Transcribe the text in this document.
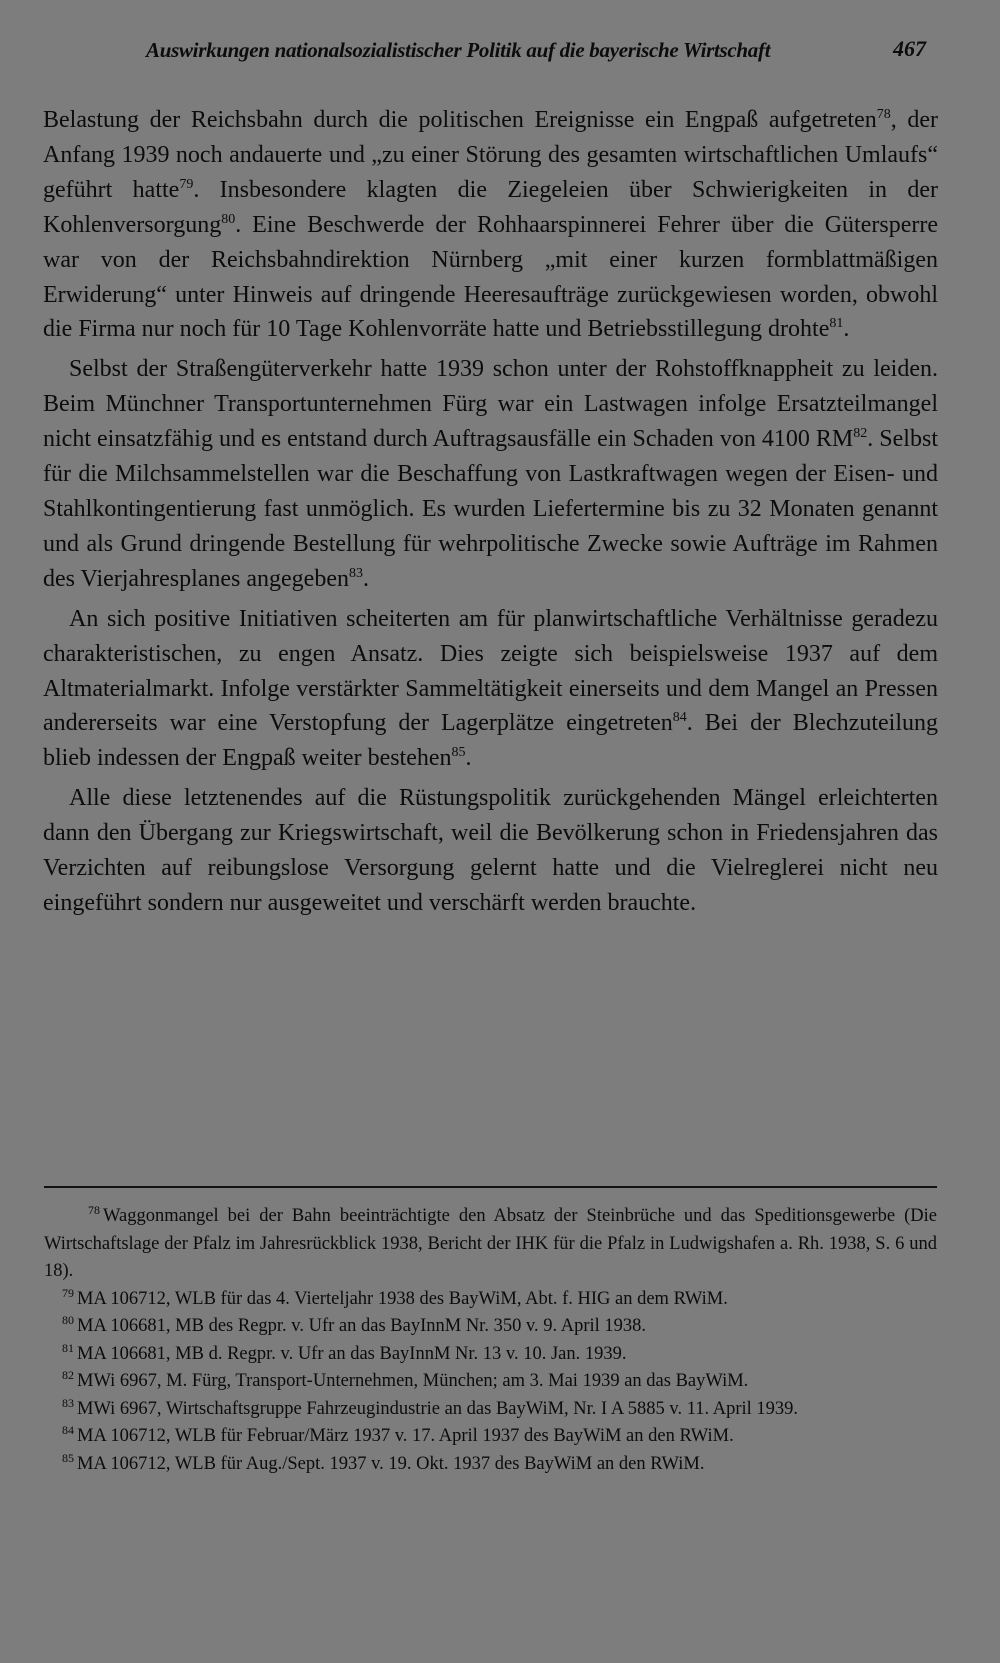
Auswirkungen nationalsozialistischer Politik auf die bayerische Wirtschaft	467

Belastung der Reichsbahn durch die politischen Ereignisse ein Engpaß aufgetreten$^{78}$, der Anfang 1939 noch andauerte und „zu einer Störung des gesamten wirtschaftlichen Umlaufs“ geführt hatte$^{79}$. Insbesondere klagten die Ziegeleien über Schwierigkeiten in der Kohlenversorgung$^{80}$. Eine Beschwerde der Rohhaarspinnerei Fehrer über die Gütersperre war von der Reichsbahndirektion Nürnberg „mit einer kurzen formblattmäßigen Erwiderung“ unter Hinweis auf dringende Heeresaufträge zurückgewiesen worden, obwohl die Firma nur noch für 10 Tage Kohlenvorräte hatte und Betriebsstillegung drohte$^{81}$.

Selbst der Straßengüterverkehr hatte 1939 schon unter der Rohstoffknappheit zu leiden. Beim Münchner Transportunternehmen Fürg war ein Lastwagen infolge Ersatzteilmangel nicht einsatzfähig und es entstand durch Auftragsausfälle ein Schaden von 4100 RM$^{82}$. Selbst für die Milchsammelstellen war die Beschaffung von Lastkraftwagen wegen der Eisen- und Stahlkontingentierung fast unmöglich. Es wurden Liefertermine bis zu 32 Monaten genannt und als Grund dringende Bestellung für wehrpolitische Zwecke sowie Aufträge im Rahmen des Vierjahresplanes angegeben$^{83}$.

An sich positive Initiativen scheiterten am für planwirtschaftliche Verhältnisse geradezu charakteristischen, zu engen Ansatz. Dies zeigte sich beispielsweise 1937 auf dem Altmaterialmarkt. Infolge verstärkter Sammeltätigkeit einerseits und dem Mangel an Pressen andererseits war eine Verstopfung der Lagerplätze eingetreten$^{84}$. Bei der Blechzuteilung blieb indessen der Engpaß weiter bestehen$^{85}$.

Alle diese letztenendes auf die Rüstungspolitik zurückgehenden Mängel erleichterten dann den Übergang zur Kriegswirtschaft, weil die Bevölkerung schon in Friedensjahren das Verzichten auf reibungslose Versorgung gelernt hatte und die Vielreglerei nicht neu eingeführt sondern nur ausgeweitet und verschärft werden brauchte.

$^{78}$ Waggonmangel bei der Bahn beeinträchtigte den Absatz der Steinbrüche und das Speditionsgewerbe (Die Wirtschaftslage der Pfalz im Jahresrückblick 1938, Bericht der IHK für die Pfalz in Ludwigshafen a. Rh. 1938, S. 6 und 18).

$^{79}$ MA 106712, WLB für das 4. Vierteljahr 1938 des BayWiM, Abt. f. HIG an dem RWiM.

$^{80}$ MA 106681, MB des Regpr. v. Ufr an das BayInnM Nr. 350 v. 9. April 1938.

$^{81}$ MA 106681, MB d. Regpr. v. Ufr an das BayInnM Nr. 13 v. 10. Jan. 1939.

$^{82}$ MWi 6967, M. Fürg, Transport-Unternehmen, München; am 3. Mai 1939 an das BayWiM.

$^{83}$ MWi 6967, Wirtschaftsgruppe Fahrzeugindustrie an das BayWiM, Nr. I A 5885 v. 11. April 1939.

$^{84}$ MA 106712, WLB für Februar/März 1937 v. 17. April 1937 des BayWiM an den RWiM.

$^{85}$ MA 106712, WLB für Aug./Sept. 1937 v. 19. Okt. 1937 des BayWiM an den RWiM.
